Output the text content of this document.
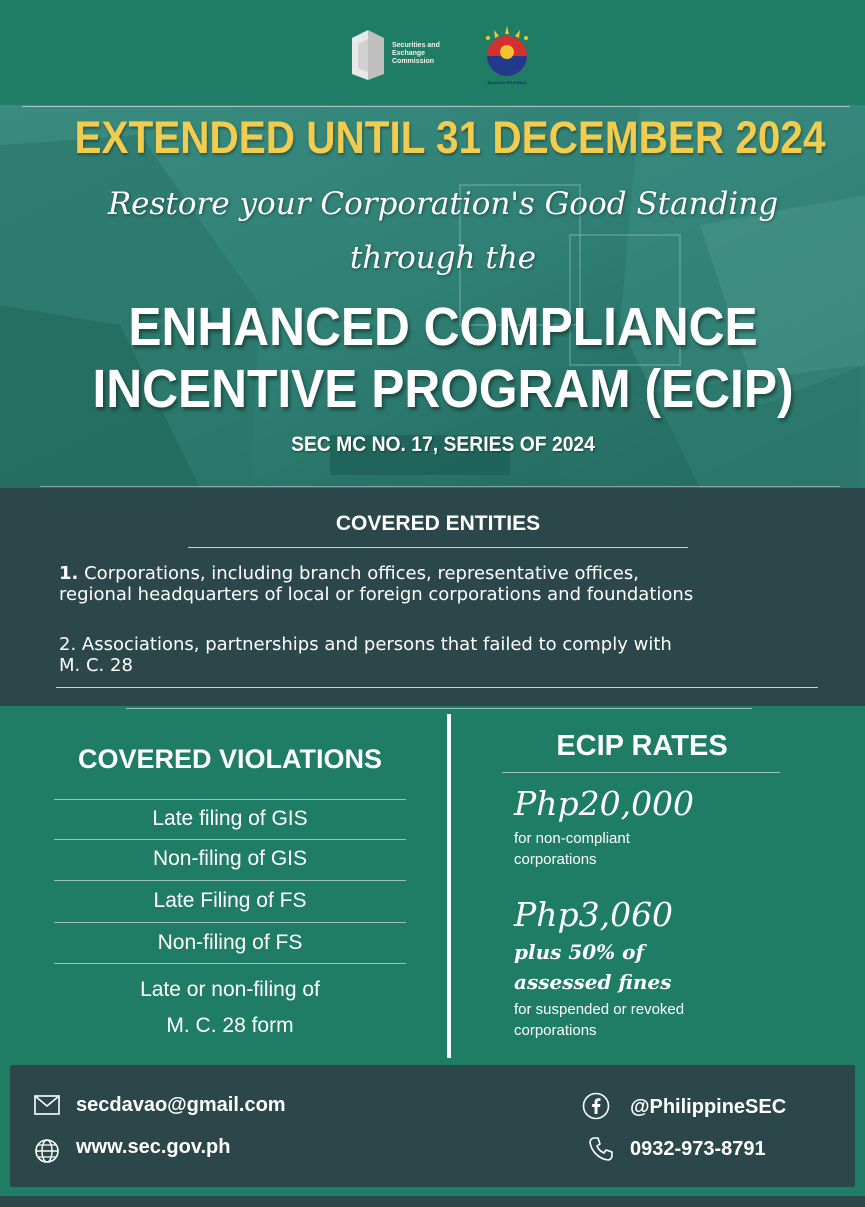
Securities and
Exchange
Commission
BAGONG PILIPINAS
EXTENDED UNTIL 31 DECEMBER 2024
Restore your Corporation's Good Standing
through the
ENHANCED COMPLIANCE
INCENTIVE PROGRAM (ECIP)
SEC MC NO. 17, SERIES OF 2024
COVERED ENTITIES
1. Corporations, including branch offices, representative offices,
regional headquarters of local or foreign corporations and foundations
2. Associations, partnerships and persons that failed to comply with
M. C. 28
COVERED VIOLATIONS
Late filing of GIS
Non-filing of GIS
Late Filing of FS
Non-filing of FS
Late or non-filing of
M. C. 28 form
ECIP RATES
Php20,000
for non-compliant
corporations
Php3,060
plus 50% of
assessed fines
for suspended or revoked
corporations
secdavao@gmail.com
www.sec.gov.ph
@PhilippineSEC
0932-973-8791
